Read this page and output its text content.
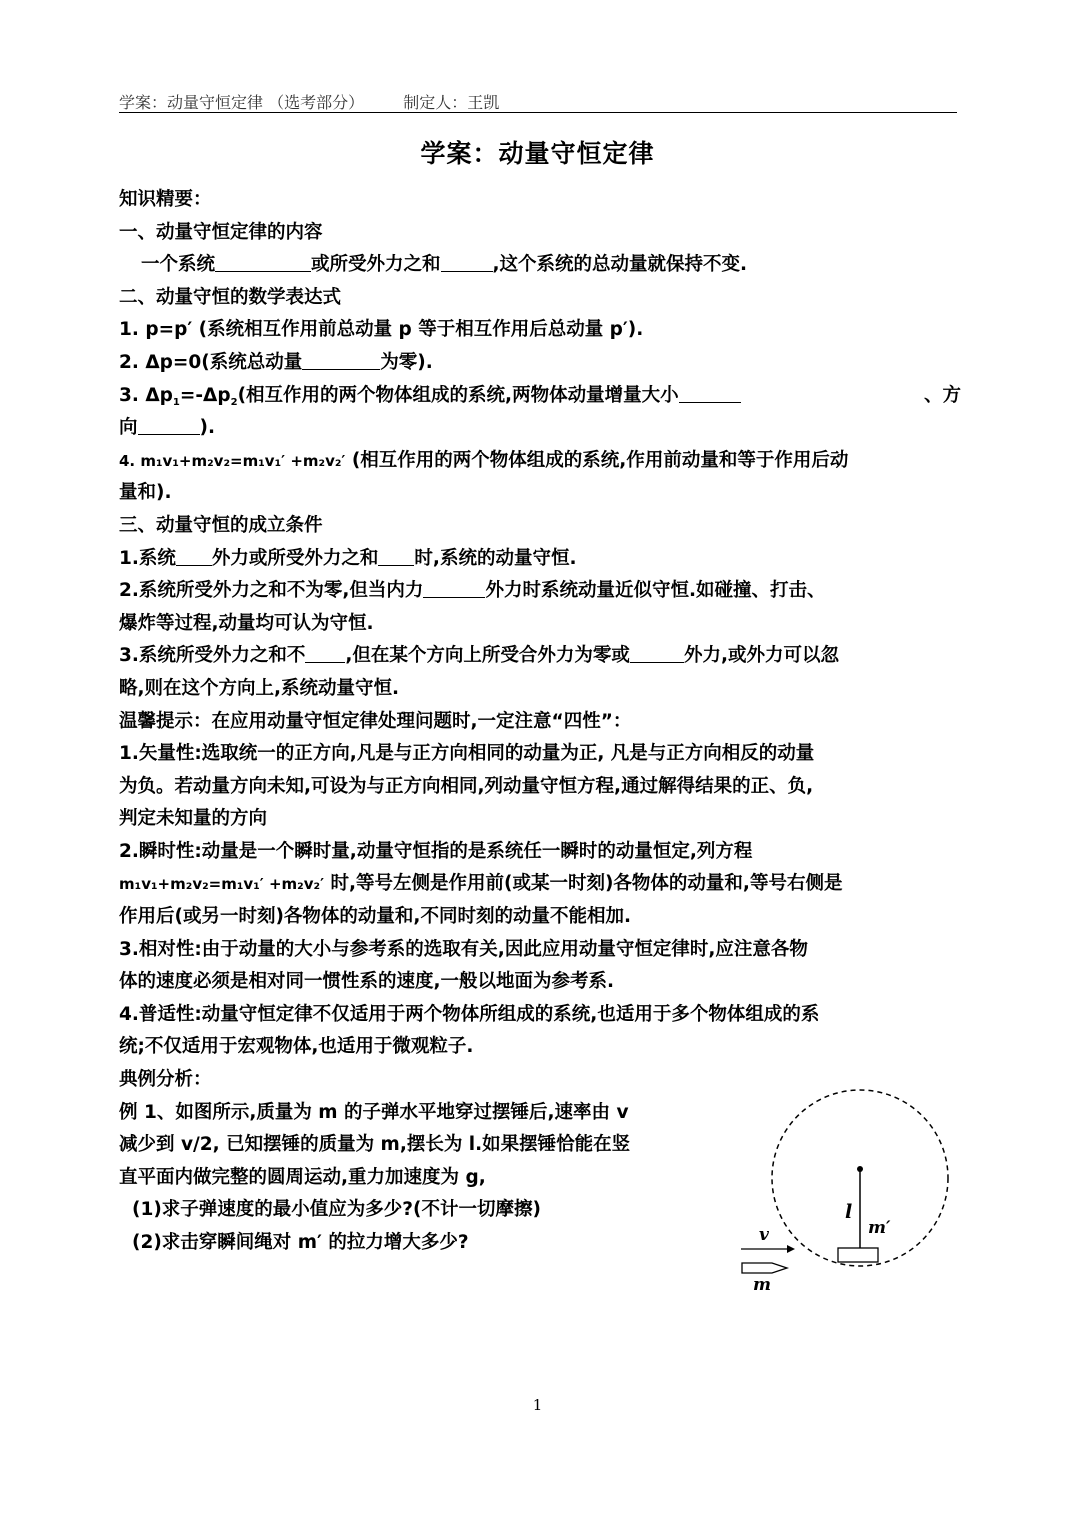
学案：动量守恒定律 （选考部分） 制定人：王凯
学案：动量守恒定律
知识精要：
一、动量守恒定律的内容
一个系统	或所受外力之和	,这个系统的总动量就保持不变.
二、动量守恒的数学表达式
1. p=p′ (系统相互作用前总动量 p 等于相互作用后总动量 p′).
2. Δp=0(系统总动量	为零).
3. $\Delta p_1=-\Delta p_2$(相互作用的两个物体组成的系统,两物体动量增量大小	、方
向	).
4. m₁v₁+m₂v₂=m₁v₁′ +m₂v₂′ (相互作用的两个物体组成的系统,作用前动量和等于作用后动
量和).
三、动量守恒的成立条件
1.系统 外力或所受外力之和 时,系统的动量守恒.
2.系统所受外力之和不为零,但当内力	外力时系统动量近似守恒.如碰撞、打击、
爆炸等过程,动量均可认为守恒.
3.系统所受外力之和不 ,但在某个方向上所受合外力为零或	外力,或外力可以忽
略,则在这个方向上,系统动量守恒.
温馨提示：在应用动量守恒定律处理问题时,一定注意“四性”：
1.矢量性:选取统一的正方向,凡是与正方向相同的动量为正, 凡是与正方向相反的动量
为负。若动量方向未知,可设为与正方向相同,列动量守恒方程,通过解得结果的正、负,
判定未知量的方向
2.瞬时性:动量是一个瞬时量,动量守恒指的是系统任一瞬时的动量恒定,列方程
m₁v₁+m₂v₂=m₁v₁′ +m₂v₂′ 时,等号左侧是作用前(或某一时刻)各物体的动量和,等号右侧是
作用后(或另一时刻)各物体的动量和,不同时刻的动量不能相加.
3.相对性:由于动量的大小与参考系的选取有关,因此应用动量守恒定律时,应注意各物
体的速度必须是相对同一惯性系的速度,一般以地面为参考系.
4.普适性:动量守恒定律不仅适用于两个物体所组成的系统,也适用于多个物体组成的系
统;不仅适用于宏观物体,也适用于微观粒子.
典例分析：
例 1、如图所示,质量为 m 的子弹水平地穿过摆锤后,速率由 v
减少到 v/2, 已知摆锤的质量为 m,摆长为 l.如果摆锤恰能在竖
直平面内做完整的圆周运动,重力加速度为 g,
(1)求子弹速度的最小值应为多少?(不计一切摩擦)
(2)求击穿瞬间绳对 m′ 的拉力增大多少?
l
m′
v
m
1
